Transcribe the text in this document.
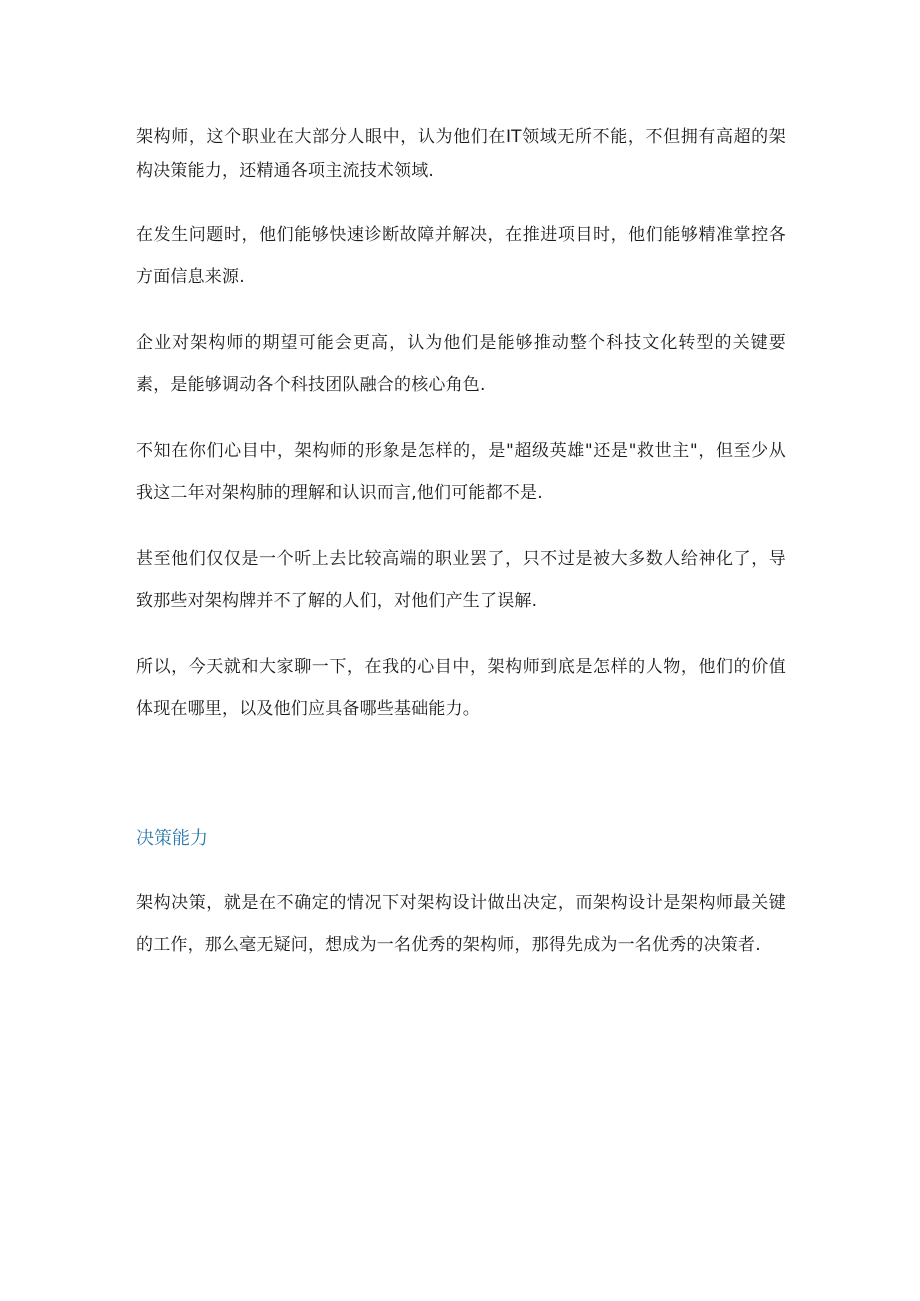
架构师，这个职业在大部分人眼中，认为他们在IT领域无所不能，不但拥有高超的架构决策能力，还精通各项主流技术领域.

在发生问题时，他们能够快速诊断故障并解决，在推进项目时，他们能够精准掌控各方面信息来源.

企业对架构师的期望可能会更高，认为他们是能够推动整个科技文化转型的关键要素，是能够调动各个科技团队融合的核心角色.

不知在你们心目中，架构师的形象是怎样的，是"超级英雄"还是"救世主"，但至少从我这二年对架构肺的理解和认识而言,他们可能都不是.

甚至他们仅仅是一个听上去比较高端的职业罢了，只不过是被大多数人给神化了，导致那些对架构牌并不了解的人们，对他们产生了误解.

所以，今天就和大家聊一下，在我的心目中，架构师到底是怎样的人物，他们的价值体现在哪里，以及他们应具备哪些基础能力。

决策能力

架构决策，就是在不确定的情况下对架构设计做出决定，而架构设计是架构师最关键的工作，那么毫无疑问，想成为一名优秀的架构师，那得先成为一名优秀的决策者.
